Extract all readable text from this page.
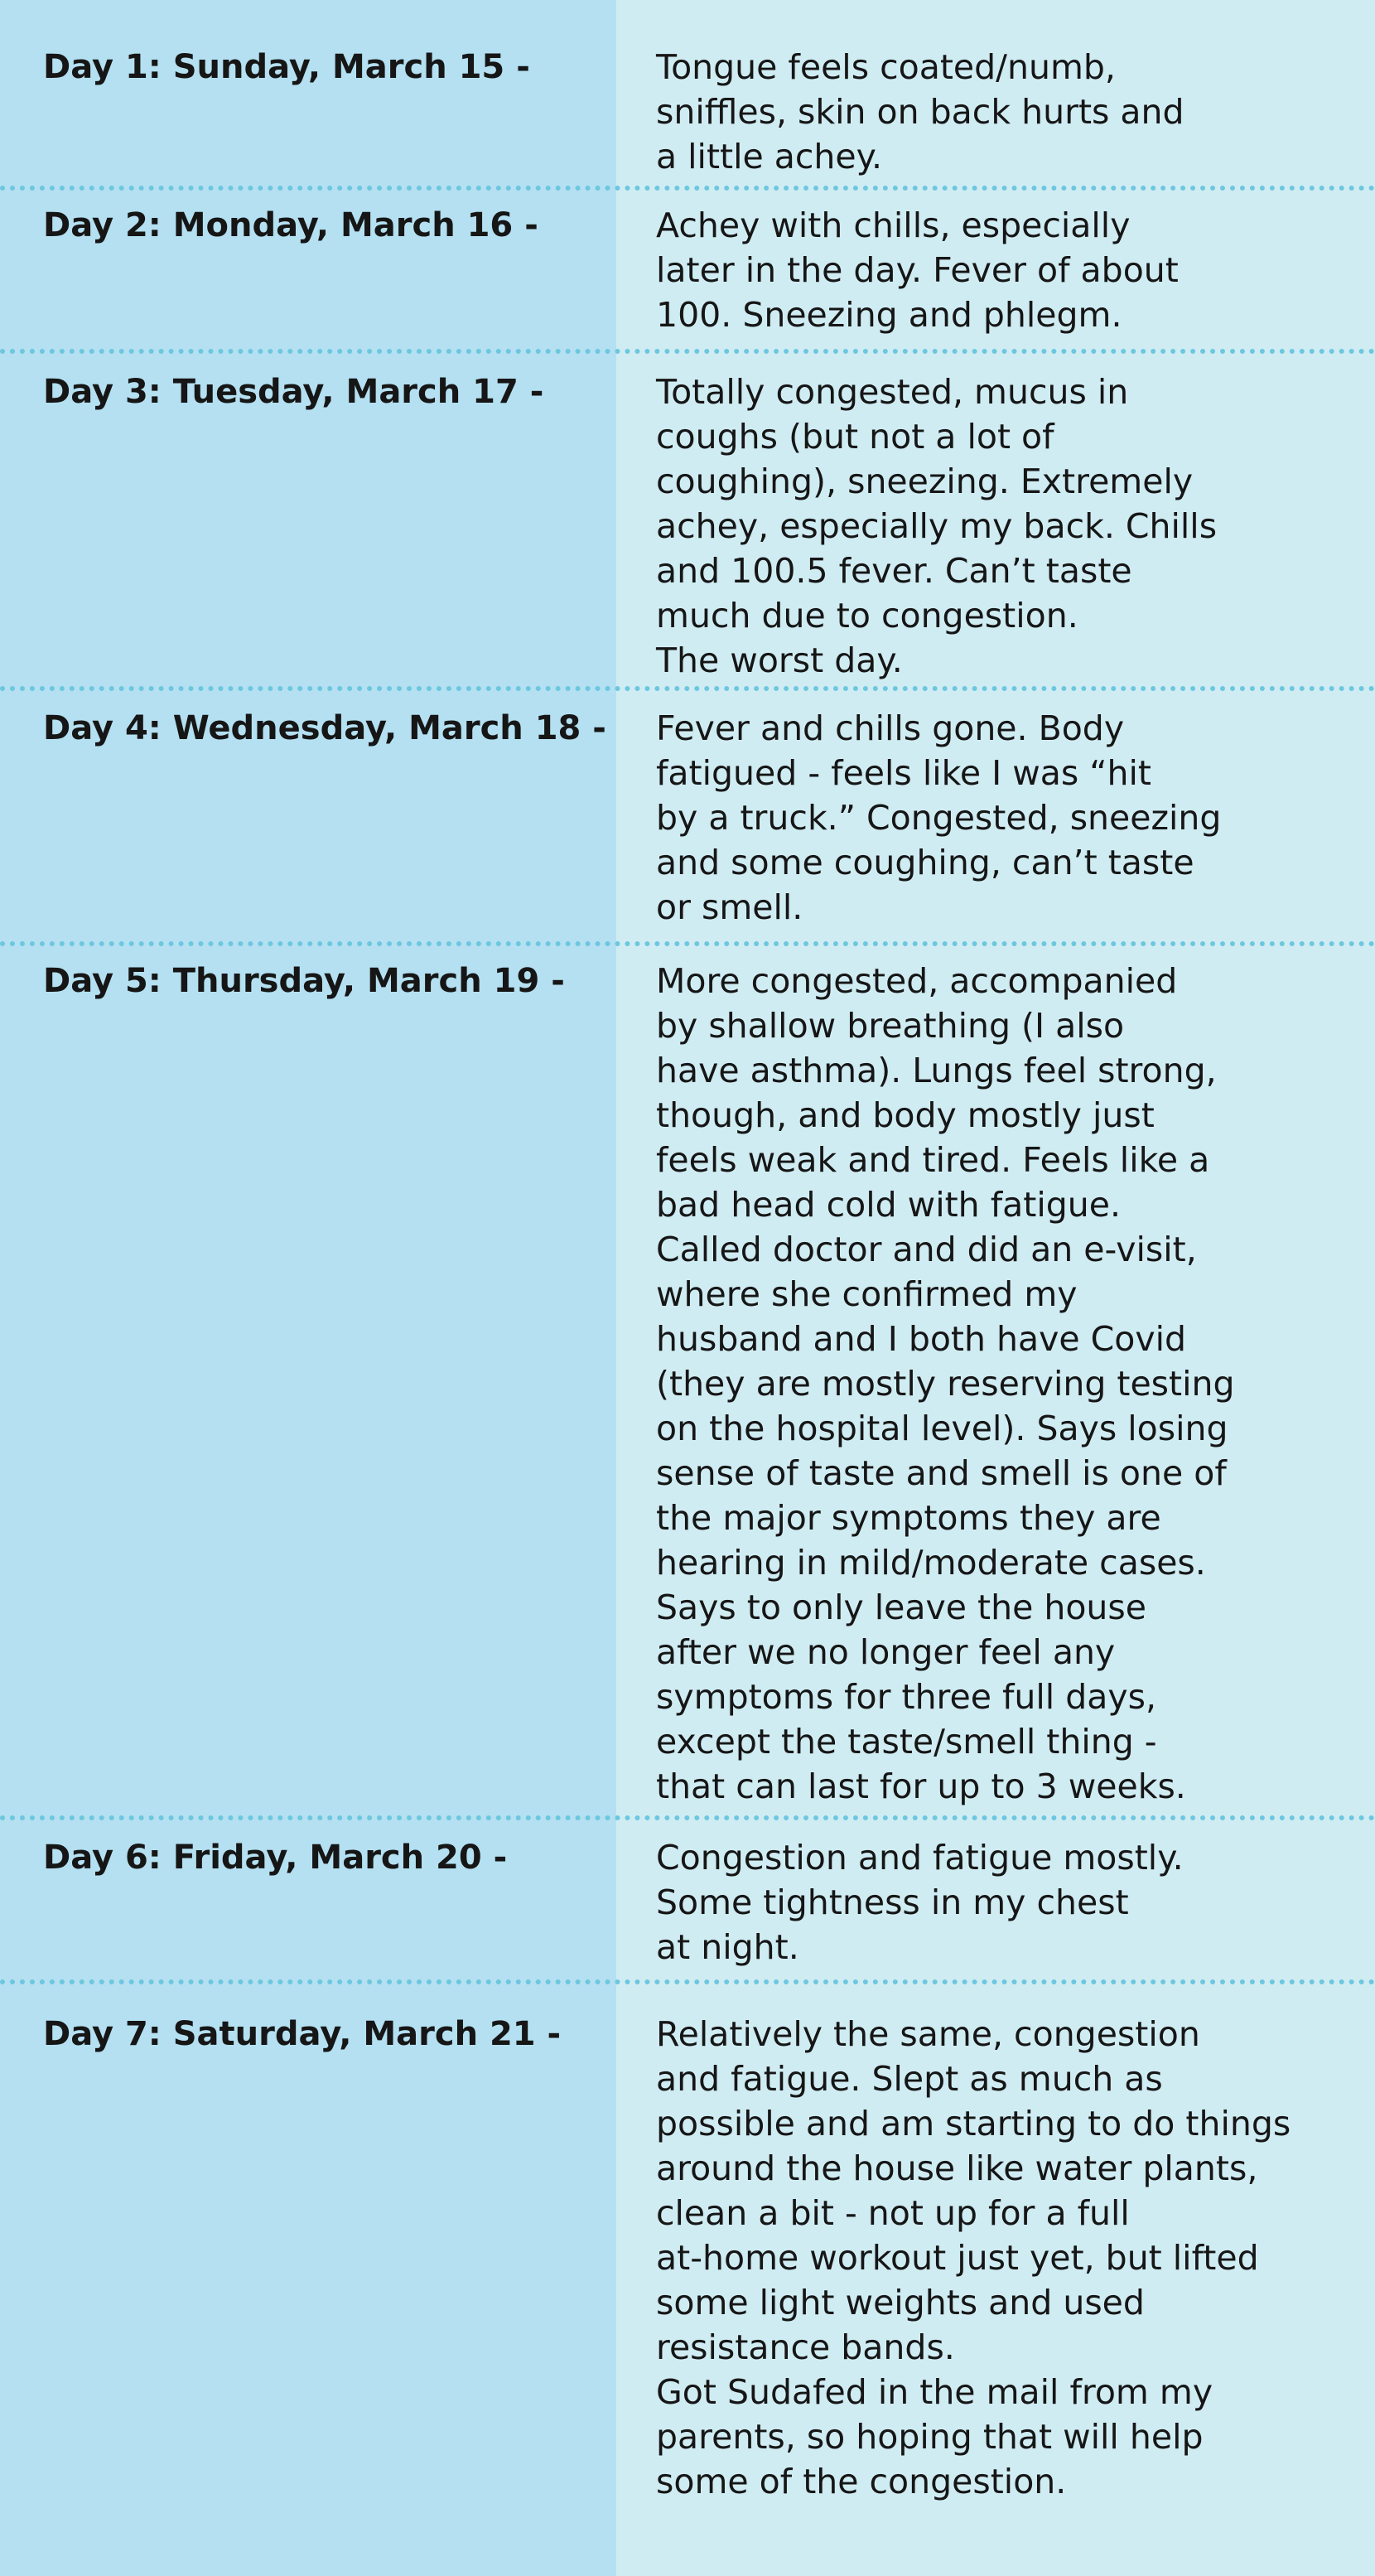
Day 1: Sunday, March 15 -	Tongue feels coated/numb,
sniffles, skin on back hurts and
a little achey.
Day 2: Monday, March 16 -	Achey with chills, especially
later in the day. Fever of about
100. Sneezing and phlegm.
Day 3: Tuesday, March 17 -	Totally congested, mucus in
coughs (but not a lot of
coughing), sneezing. Extremely
achey, especially my back. Chills
and 100.5 fever. Can’t taste
much due to congestion.
The worst day.
Day 4: Wednesday, March 18 - Fever and chills gone. Body
fatigued - feels like I was “hit
by a truck.” Congested, sneezing
and some coughing, can’t taste
or smell.
Day 5: Thursday, March 19 -	More congested, accompanied
by shallow breathing (I also
have asthma). Lungs feel strong,
though, and body mostly just
feels weak and tired. Feels like a
bad head cold with fatigue.
Called doctor and did an e-visit,
where she confirmed my
husband and I both have Covid
(they are mostly reserving testing
on the hospital level). Says losing
sense of taste and smell is one of
the major symptoms they are
hearing in mild/moderate cases.
Says to only leave the house
after we no longer feel any
symptoms for three full days,
except the taste/smell thing -
that can last for up to 3 weeks.
Day 6: Friday, March 20 -	Congestion and fatigue mostly.
Some tightness in my chest
at night.
Day 7: Saturday, March 21 -	Relatively the same, congestion
and fatigue. Slept as much as
possible and am starting to do things
around the house like water plants,
clean a bit - not up for a full
at-home workout just yet, but lifted
some light weights and used
resistance bands.
Got Sudafed in the mail from my
parents, so hoping that will help
some of the congestion.
